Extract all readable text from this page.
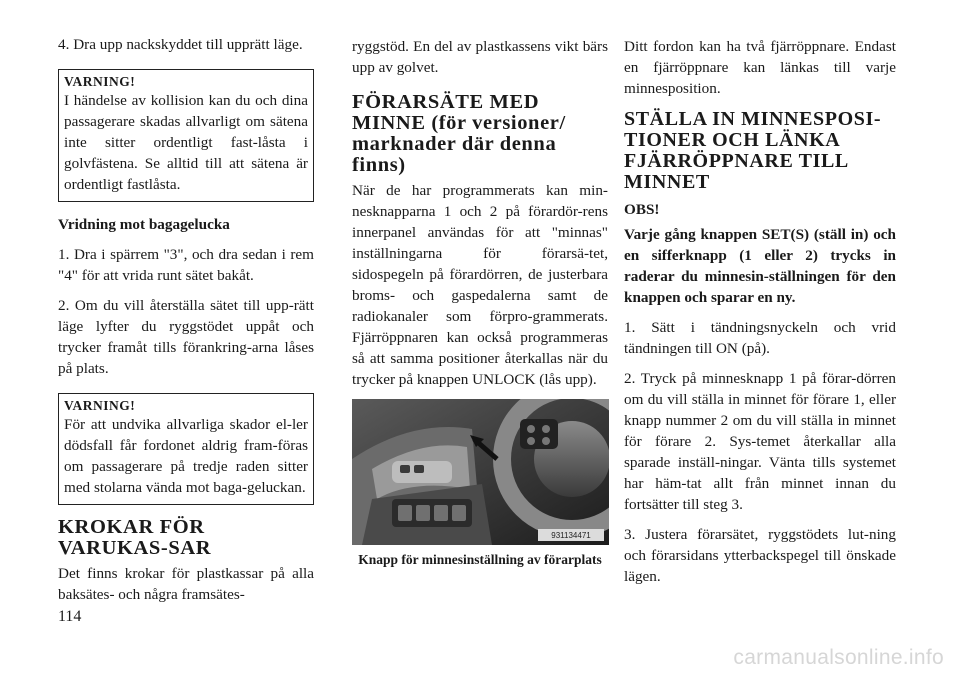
4. Dra upp nackskyddet till upprätt läge.

VARNING!
I händelse av kollision kan du och dina passagerare skadas allvarligt om sätena inte sitter ordentligt fast-låsta i golvfästena. Se alltid till att sätena är ordentligt fastlåsta.

Vridning mot bagagelucka

1. Dra i spärrem "3", och dra sedan i rem "4" för att vrida runt sätet bakåt.

2. Om du vill återställa sätet till upp-rätt läge lyfter du ryggstödet uppåt och trycker framåt tills förankring-arna låses på plats.

VARNING!
För att undvika allvarliga skador el-ler dödsfall får fordonet aldrig fram-föras om passagerare på tredje raden sitter med stolarna vända mot baga-geluckan.
KROKAR FÖR VARUKAS-SAR

Det finns krokar för plastkassar på alla baksätes- och några framsätes-

ryggstöd. En del av plastkassens vikt bärs upp av golvet.

FÖRARSÄTE MED MINNE (för versioner/ marknader där denna finns)

När de har programmerats kan min-nesknapparna 1 och 2 på förardör-rens innerpanel användas för att "minnas" inställningarna för förarsä-tet, sidospegeln på förardörren, de justerbara broms- och gaspedalerna samt de radiokanaler som förpro-grammerats. Fjärröppnaren kan också programmeras så att samma positioner återkallas när du trycker på knappen UNLOCK (lås upp).

931134471
Knapp för minnesinställning av förarplats

Ditt fordon kan ha två fjärröppnare. Endast en fjärröppnare kan länkas till varje minnesposition.

STÄLLA IN MINNESPOSI-TIONER OCH LÄNKA FJÄRRÖPPNARE TILL MINNET
OBS!
Varje gång knappen SET(S) (ställ in) och en sifferknapp (1 eller 2) trycks in raderar du minnesin-ställningen för den knappen och sparar en ny.

1. Sätt i tändningsnyckeln och vrid tändningen till ON (på).

2. Tryck på minnesknapp 1 på förar-dörren om du vill ställa in minnet för förare 1, eller knapp nummer 2 om du vill ställa in minnet för förare 2. Sys-temet återkallar alla sparade inställ-ningar. Vänta tills systemet har häm-tat allt från minnet innan du fortsätter till steg 3.

3. Justera förarsätet, ryggstödets lut-ning och förarsidans ytterbackspegel till önskade lägen.

114
carmanualsonline.info
